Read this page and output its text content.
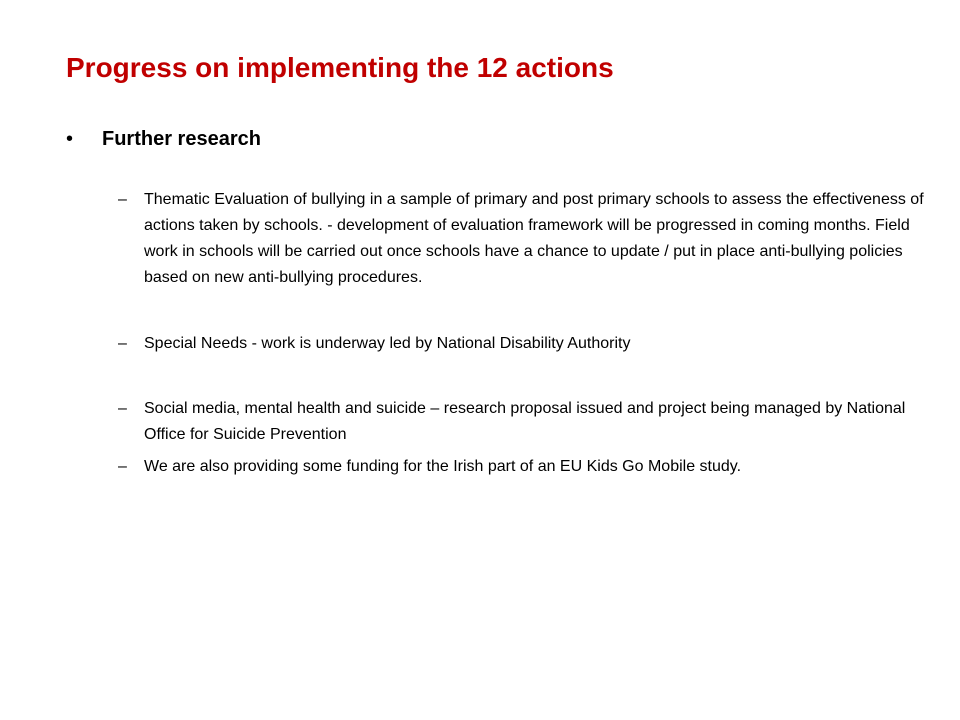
Progress on implementing the 12 actions
•	Further research
–	Thematic Evaluation of bullying in a sample of primary and post primary schools to assess the effectiveness of actions taken by schools. - development of evaluation framework will be progressed in coming months. Field work in schools will be carried out once schools have a chance to update / put in place anti-bullying policies based on new anti-bullying procedures.

–	Special Needs - work is underway led by National Disability Authority

–	Social media, mental health and suicide – research proposal issued and project being managed by National Office for Suicide Prevention

–	We are also providing some funding for the Irish part of an EU Kids Go Mobile study.
